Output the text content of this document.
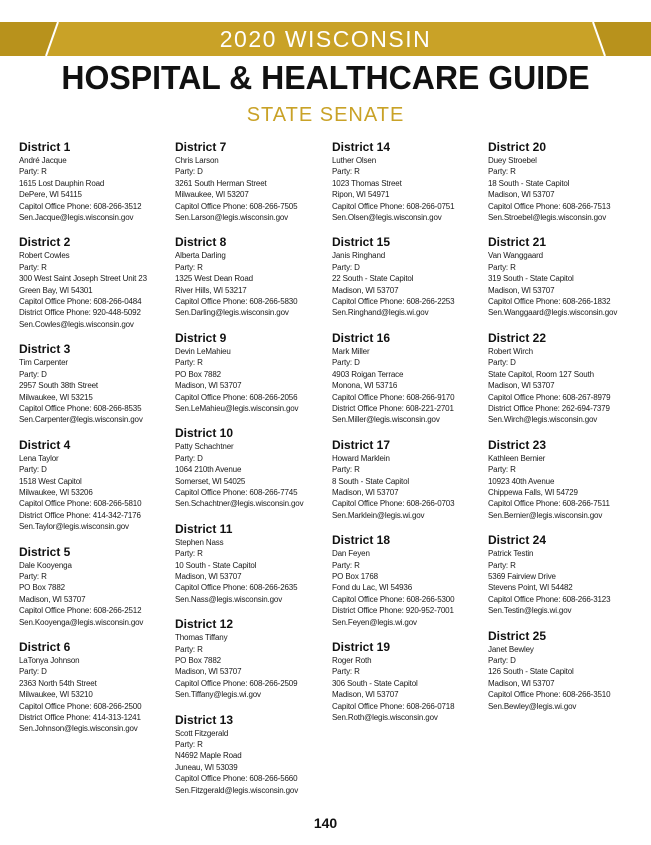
2020 WISCONSIN
HOSPITAL & HEALTHCARE GUIDE
STATE SENATE
District 1
André Jacque
Party: R
1615 Lost Dauphin Road
DePere, WI 54115
Capitol Office Phone: 608-266-3512
Sen.Jacque@legis.wisconsin.gov
District 2
Robert Cowles
Party: R
300 West Saint Joseph Street Unit 23
Green Bay, WI 54301
Capitol Office Phone: 608-266-0484
District Office Phone: 920-448-5092
Sen.Cowles@legis.wisconsin.gov
District 3
Tim Carpenter
Party: D
2957 South 38th Street
Milwaukee, WI 53215
Capitol Office Phone: 608-266-8535
Sen.Carpenter@legis.wisconsin.gov
District 4
Lena Taylor
Party: D
1518 West Capitol
Milwaukee, WI 53206
Capitol Office Phone: 608-266-5810
District Office Phone: 414-342-7176
Sen.Taylor@legis.wisconsin.gov
District 5
Dale Kooyenga
Party: R
PO Box 7882
Madison, WI 53707
Capitol Office Phone: 608-266-2512
Sen.Kooyenga@legis.wisconsin.gov
District 6
LaTonya Johnson
Party: D
2363 North 54th Street
Milwaukee, WI 53210
Capitol Office Phone: 608-266-2500
District Office Phone: 414-313-1241
Sen.Johnson@legis.wisconsin.gov
District 7
Chris Larson
Party: D
3261 South Herman Street
Milwaukee, WI 53207
Capitol Office Phone: 608-266-7505
Sen.Larson@legis.wisconsin.gov
District 8
Alberta Darling
Party: R
1325 West Dean Road
River Hills, WI 53217
Capitol Office Phone: 608-266-5830
Sen.Darling@legis.wisconsin.gov
District 9
Devin LeMahieu
Party: R
PO Box 7882
Madison, WI 53707
Capitol Office Phone: 608-266-2056
Sen.LeMahieu@legis.wisconsin.gov
District 10
Patty Schachtner
Party: D
1064 210th Avenue
Somerset, WI 54025
Capitol Office Phone: 608-266-7745
Sen.Schachtner@legis.wisconsin.gov
District 11
Stephen Nass
Party: R
10 South - State Capitol
Madison, WI 53707
Capitol Office Phone: 608-266-2635
Sen.Nass@legis.wisconsin.gov
District 12
Thomas Tiffany
Party: R
PO Box 7882
Madison, WI 53707
Capitol Office Phone: 608-266-2509
Sen.Tiffany@legis.wi.gov
District 13
Scott Fitzgerald
Party: R
N4692 Maple Road
Juneau, WI 53039
Capitol Office Phone: 608-266-5660
Sen.Fitzgerald@legis.wisconsin.gov
District 14
Luther Olsen
Party: R
1023 Thomas Street
Ripon, WI 54971
Capitol Office Phone: 608-266-0751
Sen.Olsen@legis.wisconsin.gov
District 15
Janis Ringhand
Party: D
22 South - State Capitol
Madison, WI 53707
Capitol Office Phone: 608-266-2253
Sen.Ringhand@legis.wi.gov
District 16
Mark Miller
Party: D
4903 Roigan Terrace
Monona, WI 53716
Capitol Office Phone: 608-266-9170
District Office Phone: 608-221-2701
Sen.Miller@legis.wisconsin.gov
District 17
Howard Marklein
Party: R
8 South - State Capitol
Madison, WI 53707
Capitol Office Phone: 608-266-0703
Sen.Marklein@legis.wi.gov
District 18
Dan Feyen
Party: R
PO Box 1768
Fond du Lac, WI 54936
Capitol Office Phone: 608-266-5300
District Office Phone: 920-952-7001
Sen.Feyen@legis.wi.gov
District 19
Roger Roth
Party: R
306 South - State Capitol
Madison, WI 53707
Capitol Office Phone: 608-266-0718
Sen.Roth@legis.wisconsin.gov
District 20
Duey Stroebel
Party: R
18 South - State Capitol
Madison, WI 53707
Capitol Office Phone: 608-266-7513
Sen.Stroebel@legis.wisconsin.gov
District 21
Van Wanggaard
Party: R
319 South - State Capitol
Madison, WI 53707
Capitol Office Phone: 608-266-1832
Sen.Wanggaard@legis.wisconsin.gov
District 22
Robert Wirch
Party: D
State Capitol, Room 127 South
Madison, WI 53707
Capitol Office Phone: 608-267-8979
District Office Phone: 262-694-7379
Sen.Wirch@legis.wisconsin.gov
District 23
Kathleen Bernier
Party: R
10923 40th Avenue
Chippewa Falls, WI 54729
Capitol Office Phone: 608-266-7511
Sen.Bernier@legis.wisconsin.gov
District 24
Patrick Testin
Party: R
5369 Fairview Drive
Stevens Point, WI 54482
Capitol Office Phone: 608-266-3123
Sen.Testin@legis.wi.gov
District 25
Janet Bewley
Party: D
126 South - State Capitol
Madison, WI 53707
Capitol Office Phone: 608-266-3510
Sen.Bewley@legis.wi.gov
140
